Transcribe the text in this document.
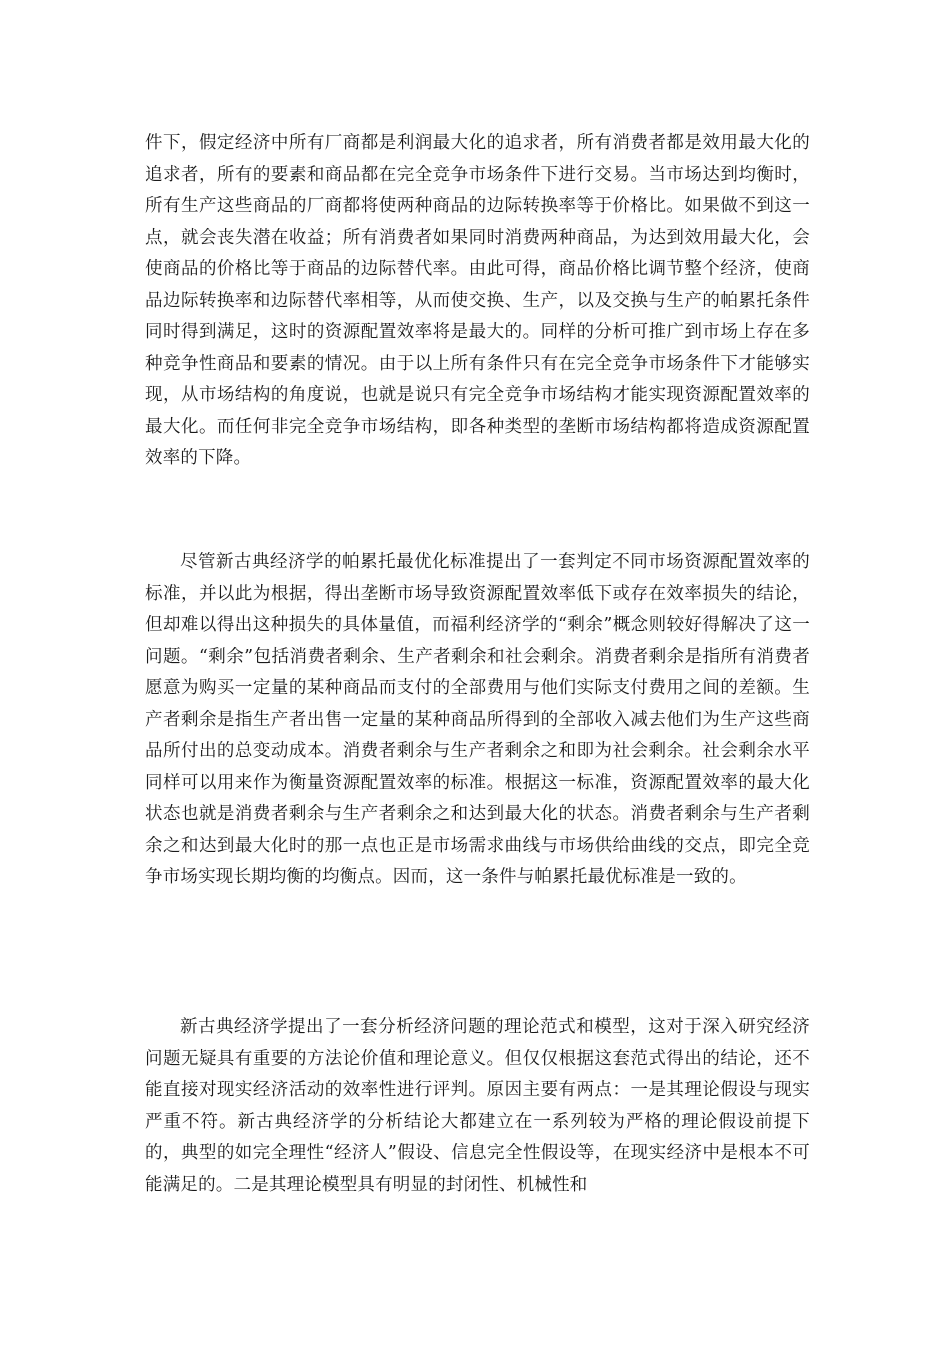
件下，假定经济中所有厂商都是利润最大化的追求者，所有消费者都是效用最大化的追求者，所有的要素和商品都在完全竞争市场条件下进行交易。当市场达到均衡时，所有生产这些商品的厂商都将使两种商品的边际转换率等于价格比。如果做不到这一点，就会丧失潜在收益；所有消费者如果同时消费两种商品，为达到效用最大化，会使商品的价格比等于商品的边际替代率。由此可得，商品价格比调节整个经济，使商品边际转换率和边际替代率相等，从而使交换、生产，以及交换与生产的帕累托条件同时得到满足，这时的资源配置效率将是最大的。同样的分析可推广到市场上存在多种竞争性商品和要素的情况。由于以上所有条件只有在完全竞争市场条件下才能够实现，从市场结构的角度说，也就是说只有完全竞争市场结构才能实现资源配置效率的最大化。而任何非完全竞争市场结构，即各种类型的垄断市场结构都将造成资源配置效率的下降。

尽管新古典经济学的帕累托最优化标准提出了一套判定不同市场资源配置效率的标准，并以此为根据，得出垄断市场导致资源配置效率低下或存在效率损失的结论，但却难以得出这种损失的具体量值，而福利经济学的“剩余”概念则较好得解决了这一问题。“剩余”包括消费者剩余、生产者剩余和社会剩余。消费者剩余是指所有消费者愿意为购买一定量的某种商品而支付的全部费用与他们实际支付费用之间的差额。生产者剩余是指生产者出售一定量的某种商品所得到的全部收入减去他们为生产这些商品所付出的总变动成本。消费者剩余与生产者剩余之和即为社会剩余。社会剩余水平同样可以用来作为衡量资源配置效率的标准。根据这一标准，资源配置效率的最大化状态也就是消费者剩余与生产者剩余之和达到最大化的状态。消费者剩余与生产者剩余之和达到最大化时的那一点也正是市场需求曲线与市场供给曲线的交点，即完全竞争市场实现长期均衡的均衡点。因而，这一条件与帕累托最优标准是一致的。

新古典经济学提出了一套分析经济问题的理论范式和模型，这对于深入研究经济问题无疑具有重要的方法论价值和理论意义。但仅仅根据这套范式得出的结论，还不能直接对现实经济活动的效率性进行评判。原因主要有两点：一是其理论假设与现实严重不符。新古典经济学的分析结论大都建立在一系列较为严格的理论假设前提下的，典型的如完全理性“经济人”假设、信息完全性假设等，在现实经济中是根本不可能满足的。二是其理论模型具有明显的封闭性、机械性和
